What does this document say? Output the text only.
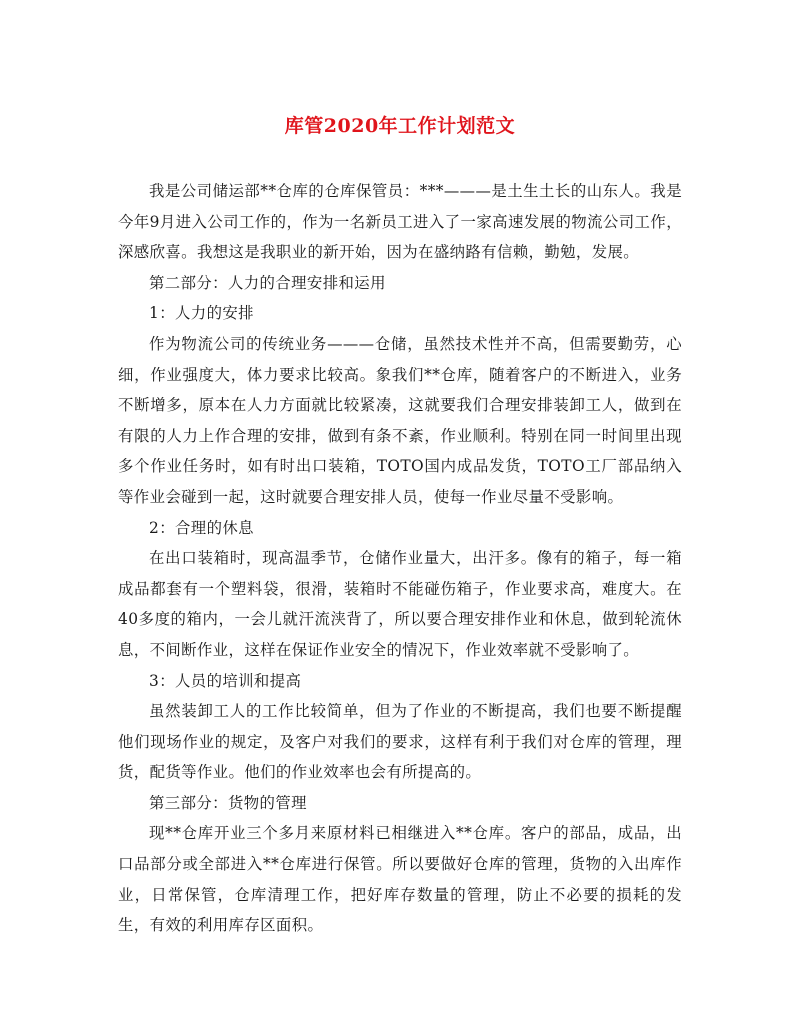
库管2020年工作计划范文

我是公司储运部**仓库的仓库保管员：***———是土生土长的山东人。我是今年9月进入公司工作的，作为一名新员工进入了一家高速发展的物流公司工作，深感欣喜。我想这是我职业的新开始，因为在盛纳路有信赖，勤勉，发展。

第二部分：人力的合理安排和运用

1：人力的安排

作为物流公司的传统业务———仓储，虽然技术性并不高，但需要勤劳，心细，作业强度大，体力要求比较高。象我们**仓库，随着客户的不断进入，业务不断增多，原本在人力方面就比较紧凑，这就要我们合理安排装卸工人，做到在有限的人力上作合理的安排，做到有条不紊，作业顺利。特别在同一时间里出现多个作业任务时，如有时出口装箱，TOTO国内成品发货，TOTO工厂部品纳入等作业会碰到一起，这时就要合理安排人员，使每一作业尽量不受影响。

2：合理的休息

在出口装箱时，现高温季节，仓储作业量大，出汗多。像有的箱子，每一箱成品都套有一个塑料袋，很滑，装箱时不能碰伤箱子，作业要求高，难度大。在40多度的箱内，一会儿就汗流浃背了，所以要合理安排作业和休息，做到轮流休息，不间断作业，这样在保证作业安全的情况下，作业效率就不受影响了。

3：人员的培训和提高

虽然装卸工人的工作比较简单，但为了作业的不断提高，我们也要不断提醒他们现场作业的规定，及客户对我们的要求，这样有利于我们对仓库的管理，理货，配货等作业。他们的作业效率也会有所提高的。

第三部分：货物的管理

现**仓库开业三个多月来原材料已相继进入**仓库。客户的部品，成品，出口品部分或全部进入**仓库进行保管。所以要做好仓库的管理，货物的入出库作业，日常保管，仓库清理工作，把好库存数量的管理，防止不必要的损耗的发生，有效的利用库存区面积。
